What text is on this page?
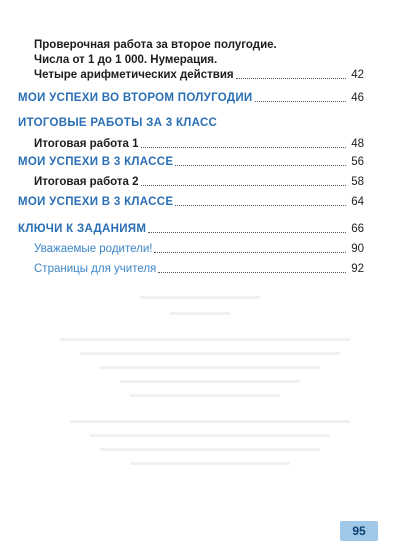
Проверочная работа за второе полугодие.
Числа от 1 до 1 000. Нумерация.
Четыре арифметических действия	42
МОИ УСПЕХИ ВО ВТОРОМ ПОЛУГОДИИ	46
ИТОГОВЫЕ РАБОТЫ ЗА 3 КЛАСС
Итоговая работа 1	48
МОИ УСПЕХИ В 3 КЛАССЕ	56
Итоговая работа 2	58
МОИ УСПЕХИ В 3 КЛАССЕ	64
КЛЮЧИ К ЗАДАНИЯМ	66
Уважаемые родители!	90
Страницы для учителя	92
95
